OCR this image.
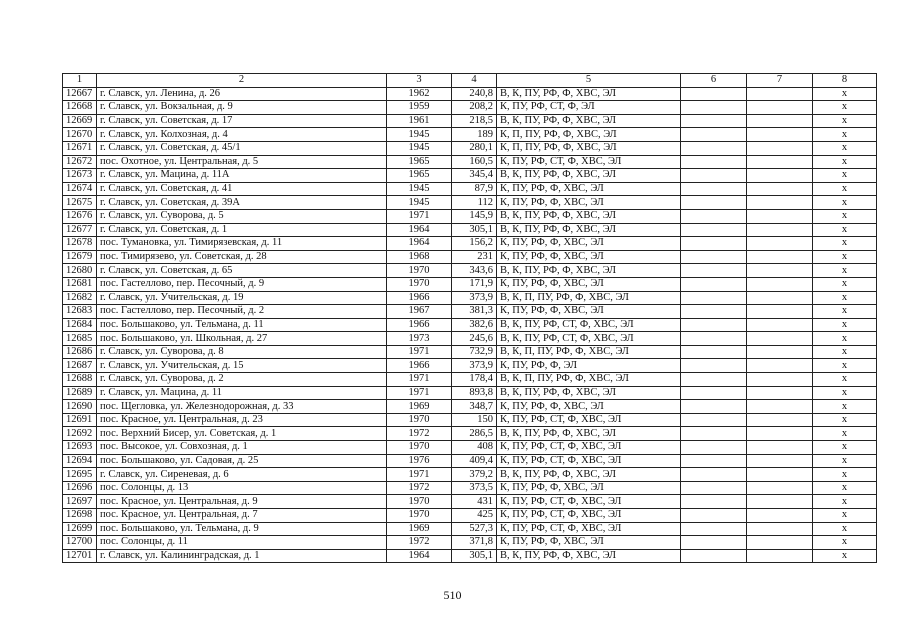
1	2	3	4	5	6	7	8
12667	г. Славск, ул. Ленина, д. 26	1962	240,8	В, К, ПУ, РФ, Ф, ХВС, ЭЛ			х
12668	г. Славск, ул. Вокзальная, д. 9	1959	208,2	К, ПУ, РФ, СТ, Ф, ЭЛ			х
12669	г. Славск, ул. Советская, д. 17	1961	218,5	В, К, ПУ, РФ, Ф, ХВС, ЭЛ			х
12670	г. Славск, ул. Колхозная, д. 4	1945	189	К, П, ПУ, РФ, Ф, ХВС, ЭЛ			х
12671	г. Славск, ул. Советская, д. 45/1	1945	280,1	К, П, ПУ, РФ, Ф, ХВС, ЭЛ			х
12672	пос. Охотное, ул. Центральная, д. 5	1965	160,5	К, ПУ, РФ, СТ, Ф, ХВС, ЭЛ			х
12673	г. Славск, ул. Мацина, д. 11А	1965	345,4	В, К, ПУ, РФ, Ф, ХВС, ЭЛ			х
12674	г. Славск, ул. Советская, д. 41	1945	87,9	К, ПУ, РФ, Ф, ХВС, ЭЛ			х
12675	г. Славск, ул. Советская, д. 39А	1945	112	К, ПУ, РФ, Ф, ХВС, ЭЛ			х
12676	г. Славск, ул. Суворова, д. 5	1971	145,9	В, К, ПУ, РФ, Ф, ХВС, ЭЛ			х
12677	г. Славск, ул. Советская, д. 1	1964	305,1	В, К, ПУ, РФ, Ф, ХВС, ЭЛ			х
12678	пос. Тумановка, ул. Тимирязевская, д. 11	1964	156,2	К, ПУ, РФ, Ф, ХВС, ЭЛ			х
12679	пос. Тимирязево, ул. Советская, д. 28	1968	231	К, ПУ, РФ, Ф, ХВС, ЭЛ			х
12680	г. Славск, ул. Советская, д. 65	1970	343,6	В, К, ПУ, РФ, Ф, ХВС, ЭЛ			х
12681	пос. Гастеллово, пер. Песочный, д. 9	1970	171,9	К, ПУ, РФ, Ф, ХВС, ЭЛ			х
12682	г. Славск, ул. Учительская, д. 19	1966	373,9	В, К, П, ПУ, РФ, Ф, ХВС, ЭЛ			х
12683	пос. Гастеллово, пер. Песочный, д. 2	1967	381,3	К, ПУ, РФ, Ф, ХВС, ЭЛ			х
12684	пос. Большаково, ул. Тельмана, д. 11	1966	382,6	В, К, ПУ, РФ, СТ, Ф, ХВС, ЭЛ			х
12685	пос. Большаково, ул. Школьная, д. 27	1973	245,6	В, К, ПУ, РФ, СТ, Ф, ХВС, ЭЛ			х
12686	г. Славск, ул. Суворова, д. 8	1971	732,9	В, К, П, ПУ, РФ, Ф, ХВС, ЭЛ			х
12687	г. Славск, ул. Учительская, д. 15	1966	373,9	К, ПУ, РФ, Ф, ЭЛ			х
12688	г. Славск, ул. Суворова, д. 2	1971	178,4	В, К, П, ПУ, РФ, Ф, ХВС, ЭЛ			х
12689	г. Славск, ул. Мацина, д. 11	1971	893,8	В, К, ПУ, РФ, Ф, ХВС, ЭЛ			х
12690	пос. Щегловка, ул. Железнодорожная, д. 33	1969	348,7	К, ПУ, РФ, Ф, ХВС, ЭЛ			х
12691	пос. Красное, ул. Центральная, д. 23	1970	150	К, ПУ, РФ, СТ, Ф, ХВС, ЭЛ			х
12692	пос. Верхний Бисер, ул. Советская, д. 1	1972	286,5	В, К, ПУ, РФ, Ф, ХВС, ЭЛ			х
12693	пос. Высокое, ул. Совхозная, д. 1	1970	408	К, ПУ, РФ, СТ, Ф, ХВС, ЭЛ			х
12694	пос. Большаково, ул. Садовая, д. 25	1976	409,4	К, ПУ, РФ, СТ, Ф, ХВС, ЭЛ			х
12695	г. Славск, ул. Сиреневая, д. 6	1971	379,2	В, К, ПУ, РФ, Ф, ХВС, ЭЛ			х
12696	пос. Солонцы, д. 13	1972	373,5	К, ПУ, РФ, Ф, ХВС, ЭЛ			х
12697	пос. Красное, ул. Центральная, д. 9	1970	431	К, ПУ, РФ, СТ, Ф, ХВС, ЭЛ			х
12698	пос. Красное, ул. Центральная, д. 7	1970	425	К, ПУ, РФ, СТ, Ф, ХВС, ЭЛ			х
12699	пос. Большаково, ул. Тельмана, д. 9	1969	527,3	К, ПУ, РФ, СТ, Ф, ХВС, ЭЛ			х
12700	пос. Солонцы, д. 11	1972	371,8	К, ПУ, РФ, Ф, ХВС, ЭЛ			х
12701	г. Славск, ул. Калининградская, д. 1	1964	305,1	В, К, ПУ, РФ, Ф, ХВС, ЭЛ			х
510
